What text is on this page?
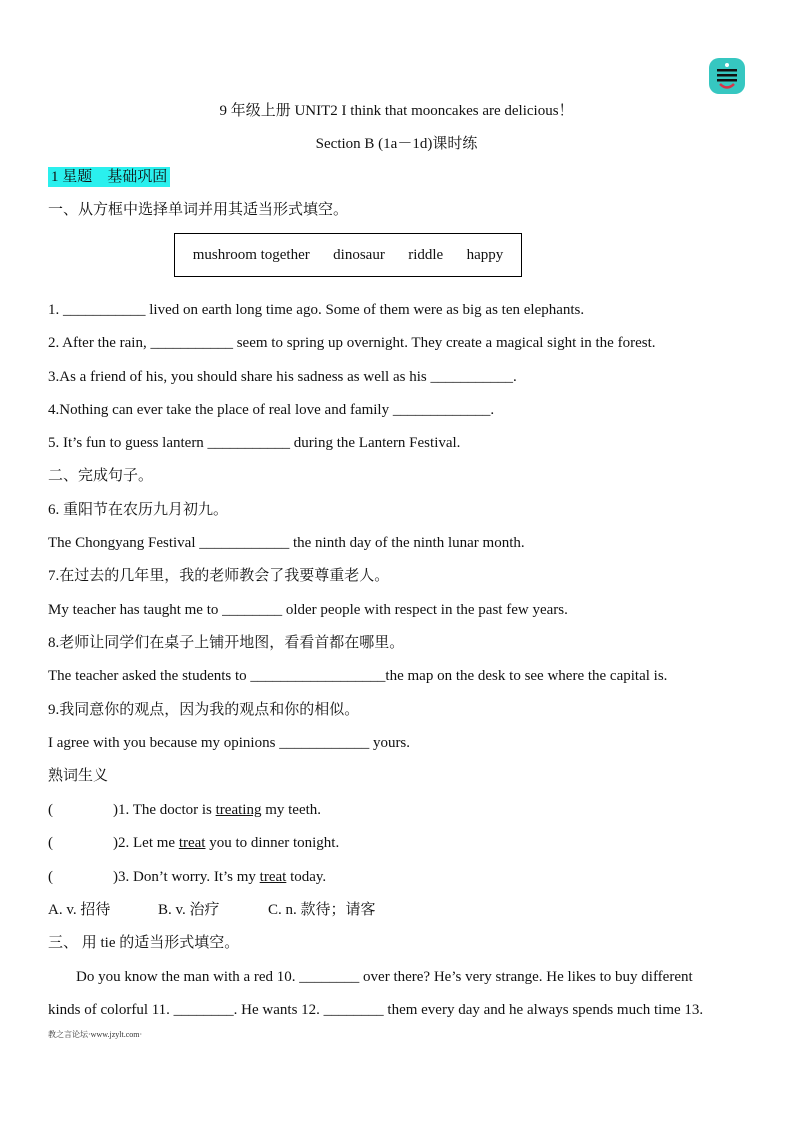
9 年级上册 UNIT2 I think that mooncakes are delicious！
Section B (1a－1d)课时练
1 星题　基础巩固
一、从方框中选择单词并用其适当形式填空。
mushroom together dinosaur riddle happy
1. ___________ lived on earth long time ago. Some of them were as big as ten elephants.
2. After the rain, ___________ seem to spring up overnight. They create a magical sight in the forest.
3.As a friend of his, you should share his sadness as well as his ___________.
4.Nothing can ever take the place of real love and family _____________.
5. It’s fun to guess lantern ___________ during the Lantern Festival.
二、完成句子。
6. 重阳节在农历九月初九。
The Chongyang Festival ____________ the ninth day of the ninth lunar month.
7.在过去的几年里，我的老师教会了我要尊重老人。
My teacher has taught me to ________ older people with respect in the past few years.
8.老师让同学们在桌子上铺开地图，看看首都在哪里。
The teacher asked the students to __________________the map on the desk to see where the capital is.
9.我同意你的观点，因为我的观点和你的相似。
I agree with you because my opinions ____________ yours.
熟词生义
(　　　　)1. The doctor is treating my teeth.
(　　　　)2. Let me treat you to dinner tonight.
(　　　　)3. Don’t worry. It’s my treat today.
A. v. 招待	B. v. 治疗	C. n. 款待；请客
三、 用 tie 的适当形式填空。
Do you know the man with a red 10. ________ over there? He’s very strange. He likes to buy different
kinds of colorful 11. ________. He wants 12. ________ them every day and he always spends much time 13.
教之言论坛·www.jzylt.com·
